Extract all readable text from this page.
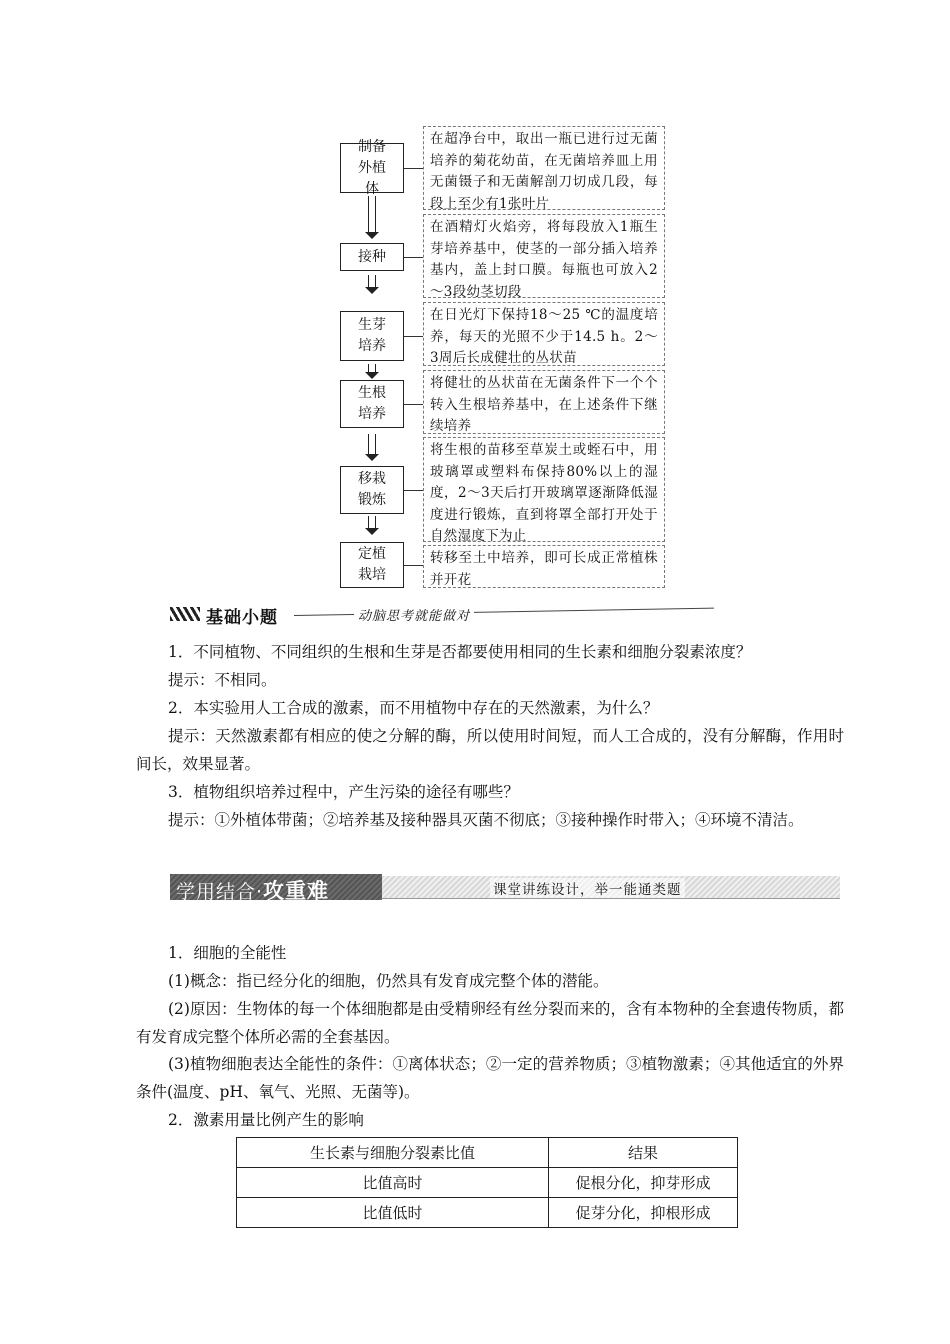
制备外植体
在超净台中，取出一瓶已进行过无菌培养的菊花幼苗，在无菌培养皿上用无菌镊子和无菌解剖刀切成几段，每段上至少有1张叶片
接种
在酒精灯火焰旁，将每段放入1瓶生芽培养基中，使茎的一部分插入培养基内，盖上封口膜。每瓶也可放入2～3段幼茎切段
生芽培养
在日光灯下保持18～25 ℃的温度培养，每天的光照不少于14.5 h。2～3周后长成健壮的丛状苗
生根培养
将健壮的丛状苗在无菌条件下一个个转入生根培养基中，在上述条件下继续培养
移栽锻炼
将生根的苗移至草炭土或蛭石中，用玻璃罩或塑料布保持80%以上的湿度，2～3天后打开玻璃罩逐渐降低湿度进行锻炼，直到将罩全部打开处于自然湿度下为止
定植栽培
转移至土中培养，即可长成正常植株并开花
基础小题	动脑思考就能做对
1．不同植物、不同组织的生根和生芽是否都要使用相同的生长素和细胞分裂素浓度？
提示：不相同。
2．本实验用人工合成的激素，而不用植物中存在的天然激素，为什么？
提示：天然激素都有相应的使之分解的酶，所以使用时间短，而人工合成的，没有分解酶，作用时间长，效果显著。
3．植物组织培养过程中，产生污染的途径有哪些？
提示：①外植体带菌；②培养基及接种器具灭菌不彻底；③接种操作时带入；④环境不清洁。
学用结合·攻重难	课堂讲练设计，举一能通类题
1．细胞的全能性
(1)概念：指已经分化的细胞，仍然具有发育成完整个体的潜能。
(2)原因：生物体的每一个体细胞都是由受精卵经有丝分裂而来的，含有本物种的全套遗传物质，都有发育成完整个体所必需的全套基因。
(3)植物细胞表达全能性的条件：①离体状态；②一定的营养物质；③植物激素；④其他适宜的外界条件(温度、pH、氧气、光照、无菌等)。
2．激素用量比例产生的影响
生长素与细胞分裂素比值	结果
比值高时	促根分化，抑芽形成
比值低时	促芽分化，抑根形成
